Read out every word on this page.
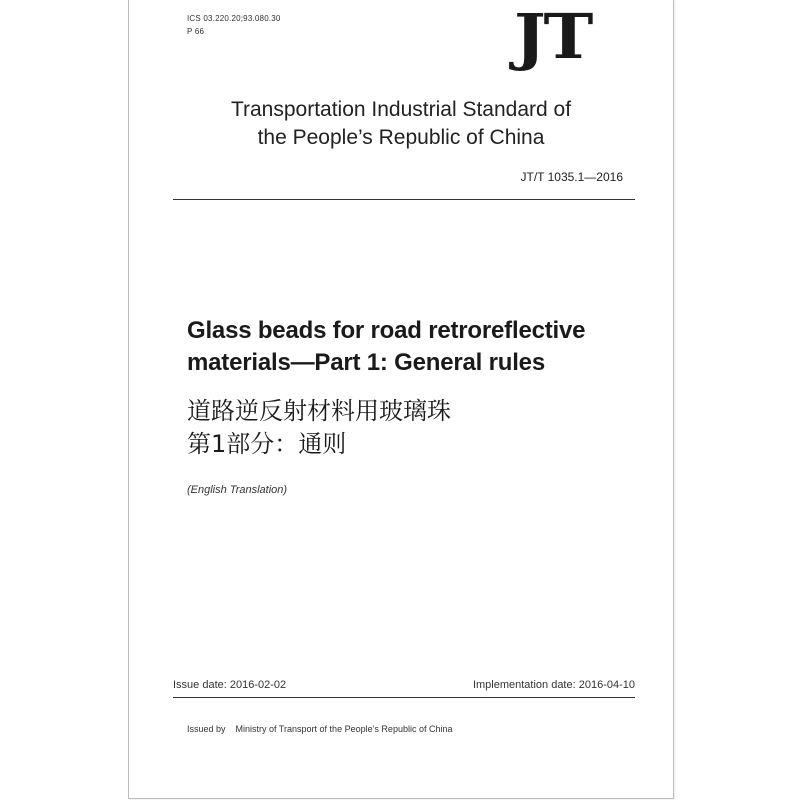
ICS 03.220.20;93.080.30
P 66	JT
Transportation Industrial Standard of
the People’s Republic of China
JT/T 1035.1—2016
Glass beads for road retroreflective
materials—Part 1: General rules
道路逆反射材料用玻璃珠
第1部分：通则
(English Translation)
Issue date: 2016-02-02	Implementation date: 2016-04-10
Issued by Ministry of Transport of the People’s Republic of China
